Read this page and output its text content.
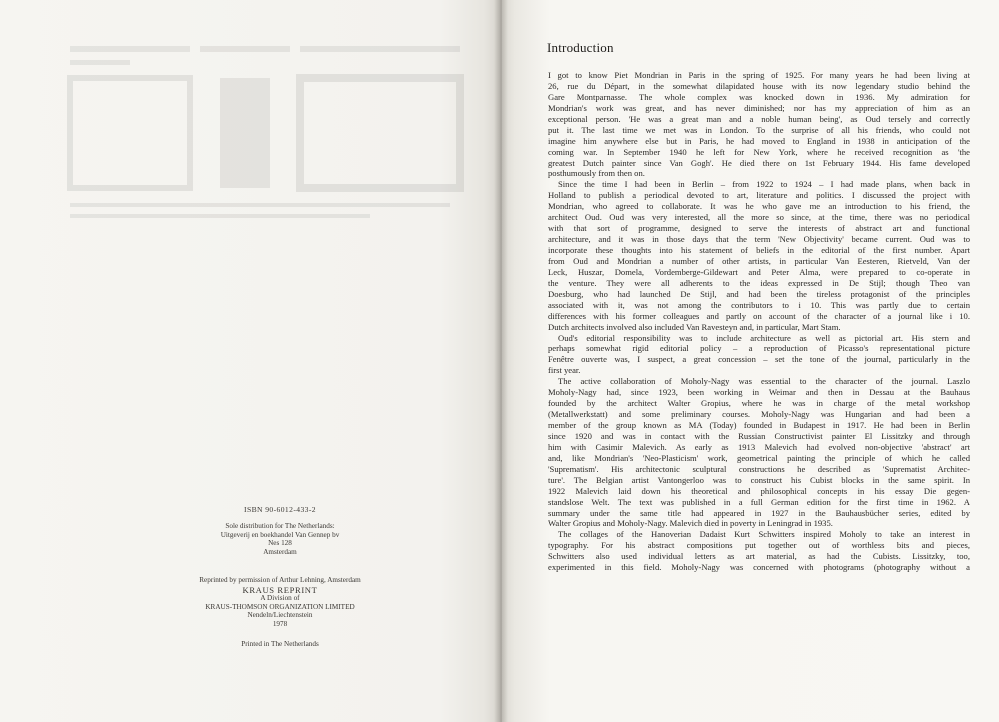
ISBN 90-6012-433-2
Sole distribution for The Netherlands:
Uitgeverij en boekhandel Van Gennep bv
Nes 128
Amsterdam
Reprinted by permission of Arthur Lehning, Amsterdam
KRAUS REPRINT
A Division of
KRAUS-THOMSON ORGANIZATION LIMITED
Nendeln/Liechtenstein
1978
Printed in The Netherlands
Introduction
I got to know Piet Mondrian in Paris in the spring of 1925. For many years he had been living at
26, rue du Départ, in the somewhat dilapidated house with its now legendary studio behind the
Gare Montparnasse. The whole complex was knocked down in 1936. My admiration for
Mondrian's work was great, and has never diminished; nor has my appreciation of him as an
exceptional person. 'He was a great man and a noble human being', as Oud tersely and correctly
put it. The last time we met was in London. To the surprise of all his friends, who could not
imagine him anywhere else but in Paris, he had moved to England in 1938 in anticipation of the
coming war. In September 1940 he left for New York, where he received recognition as 'the
greatest Dutch painter since Van Gogh'. He died there on 1st February 1944. His fame developed
posthumously from then on.
Since the time I had been in Berlin – from 1922 to 1924 – I had made plans, when back in
Holland to publish a periodical devoted to art, literature and politics. I discussed the project with
Mondrian, who agreed to collaborate. It was he who gave me an introduction to his friend, the
architect Oud. Oud was very interested, all the more so since, at the time, there was no periodical
with that sort of programme, designed to serve the interests of abstract art and functional
architecture, and it was in those days that the term 'New Objectivity' became current. Oud was to
incorporate these thoughts into his statement of beliefs in the editorial of the first number. Apart
from Oud and Mondrian a number of other artists, in particular Van Eesteren, Rietveld, Van der
Leck, Huszar, Domela, Vordemberge-Gildewart and Peter Alma, were prepared to co-operate in
the venture. They were all adherents to the ideas expressed in De Stijl; though Theo van
Doesburg, who had launched De Stijl, and had been the tireless protagonist of the principles
associated with it, was not among the contributors to i 10. This was partly due to certain
differences with his former colleagues and partly on account of the character of a journal like i 10.
Dutch architects involved also included Van Ravesteyn and, in particular, Mart Stam.
Oud's editorial responsibility was to include architecture as well as pictorial art. His stern and
perhaps somewhat rigid editorial policy – a reproduction of Picasso's representational picture
Fenêtre ouverte was, I suspect, a great concession – set the tone of the journal, particularly in the
first year.
The active collaboration of Moholy-Nagy was essential to the character of the journal. Laszlo
Moholy-Nagy had, since 1923, been working in Weimar and then in Dessau at the Bauhaus
founded by the architect Walter Gropius, where he was in charge of the metal workshop
(Metallwerkstatt) and some preliminary courses. Moholy-Nagy was Hungarian and had been a
member of the group known as MA (Today) founded in Budapest in 1917. He had been in Berlin
since 1920 and was in contact with the Russian Constructivist painter El Lissitzky and through
him with Casimir Malevich. As early as 1913 Malevich had evolved non-objective 'abstract' art
and, like Mondrian's 'Neo-Plasticism' work, geometrical painting the principle of which he called
'Suprematism'. His architectonic sculptural constructions he described as 'Suprematist Architec-
ture'. The Belgian artist Vantongerloo was to construct his Cubist blocks in the same spirit. In
1922 Malevich laid down his theoretical and philosophical concepts in his essay Die gegen-
standslose Welt. The text was published in a full German edition for the first time in 1962. A
summary under the same title had appeared in 1927 in the Bauhausbücher series, edited by
Walter Gropius and Moholy-Nagy. Malevich died in poverty in Leningrad in 1935.
The collages of the Hanoverian Dadaist Kurt Schwitters inspired Moholy to take an interest in
typography. For his abstract compositions put together out of worthless bits and pieces,
Schwitters also used individual letters as art material, as had the Cubists. Lissitzky, too,
experimented in this field. Moholy-Nagy was concerned with photograms (photography without a
